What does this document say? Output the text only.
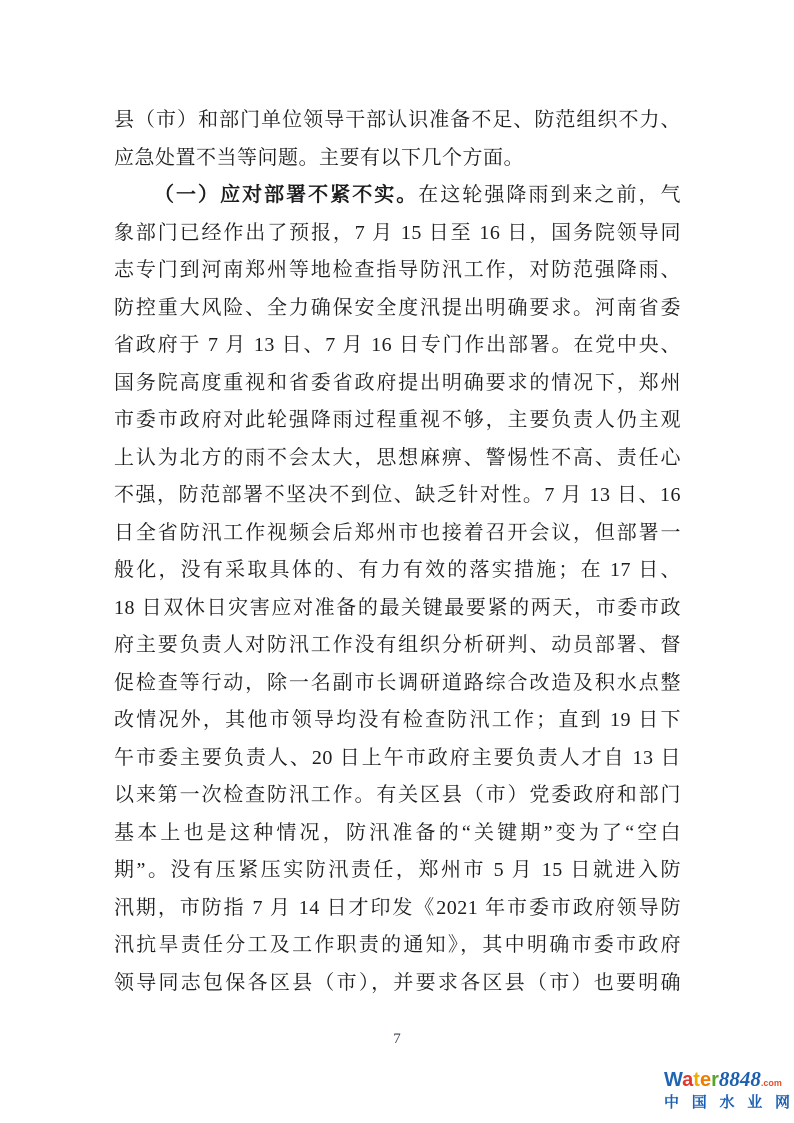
县（市）和部门单位领导干部认识准备不足、防范组织不力、
应急处置不当等问题。主要有以下几个方面。
（一）应对部署不紧不实。在这轮强降雨到来之前，气
象部门已经作出了预报，7 月 15 日至 16 日，国务院领导同
志专门到河南郑州等地检查指导防汛工作，对防范强降雨、
防控重大风险、全力确保安全度汛提出明确要求。河南省委
省政府于 7 月 13 日、7 月 16 日专门作出部署。在党中央、
国务院高度重视和省委省政府提出明确要求的情况下，郑州
市委市政府对此轮强降雨过程重视不够，主要负责人仍主观
上认为北方的雨不会太大，思想麻痹、警惕性不高、责任心
不强，防范部署不坚决不到位、缺乏针对性。7 月 13 日、16
日全省防汛工作视频会后郑州市也接着召开会议，但部署一
般化，没有采取具体的、有力有效的落实措施；在 17 日、
18 日双休日灾害应对准备的最关键最要紧的两天，市委市政
府主要负责人对防汛工作没有组织分析研判、动员部署、督
促检查等行动，除一名副市长调研道路综合改造及积水点整
改情况外，其他市领导均没有检查防汛工作；直到 19 日下
午市委主要负责人、20 日上午市政府主要负责人才自 13 日
以来第一次检查防汛工作。有关区县（市）党委政府和部门
基本上也是这种情况，防汛准备的“关键期”变为了“空白
期”。没有压紧压实防汛责任，郑州市 5 月 15 日就进入防
汛期，市防指 7 月 14 日才印发《2021 年市委市政府领导防
汛抗旱责任分工及工作职责的通知》，其中明确市委市政府
领导同志包保各区县（市），并要求各区县（市）也要明确
7
Water8848.com
中 国 水 业 网
